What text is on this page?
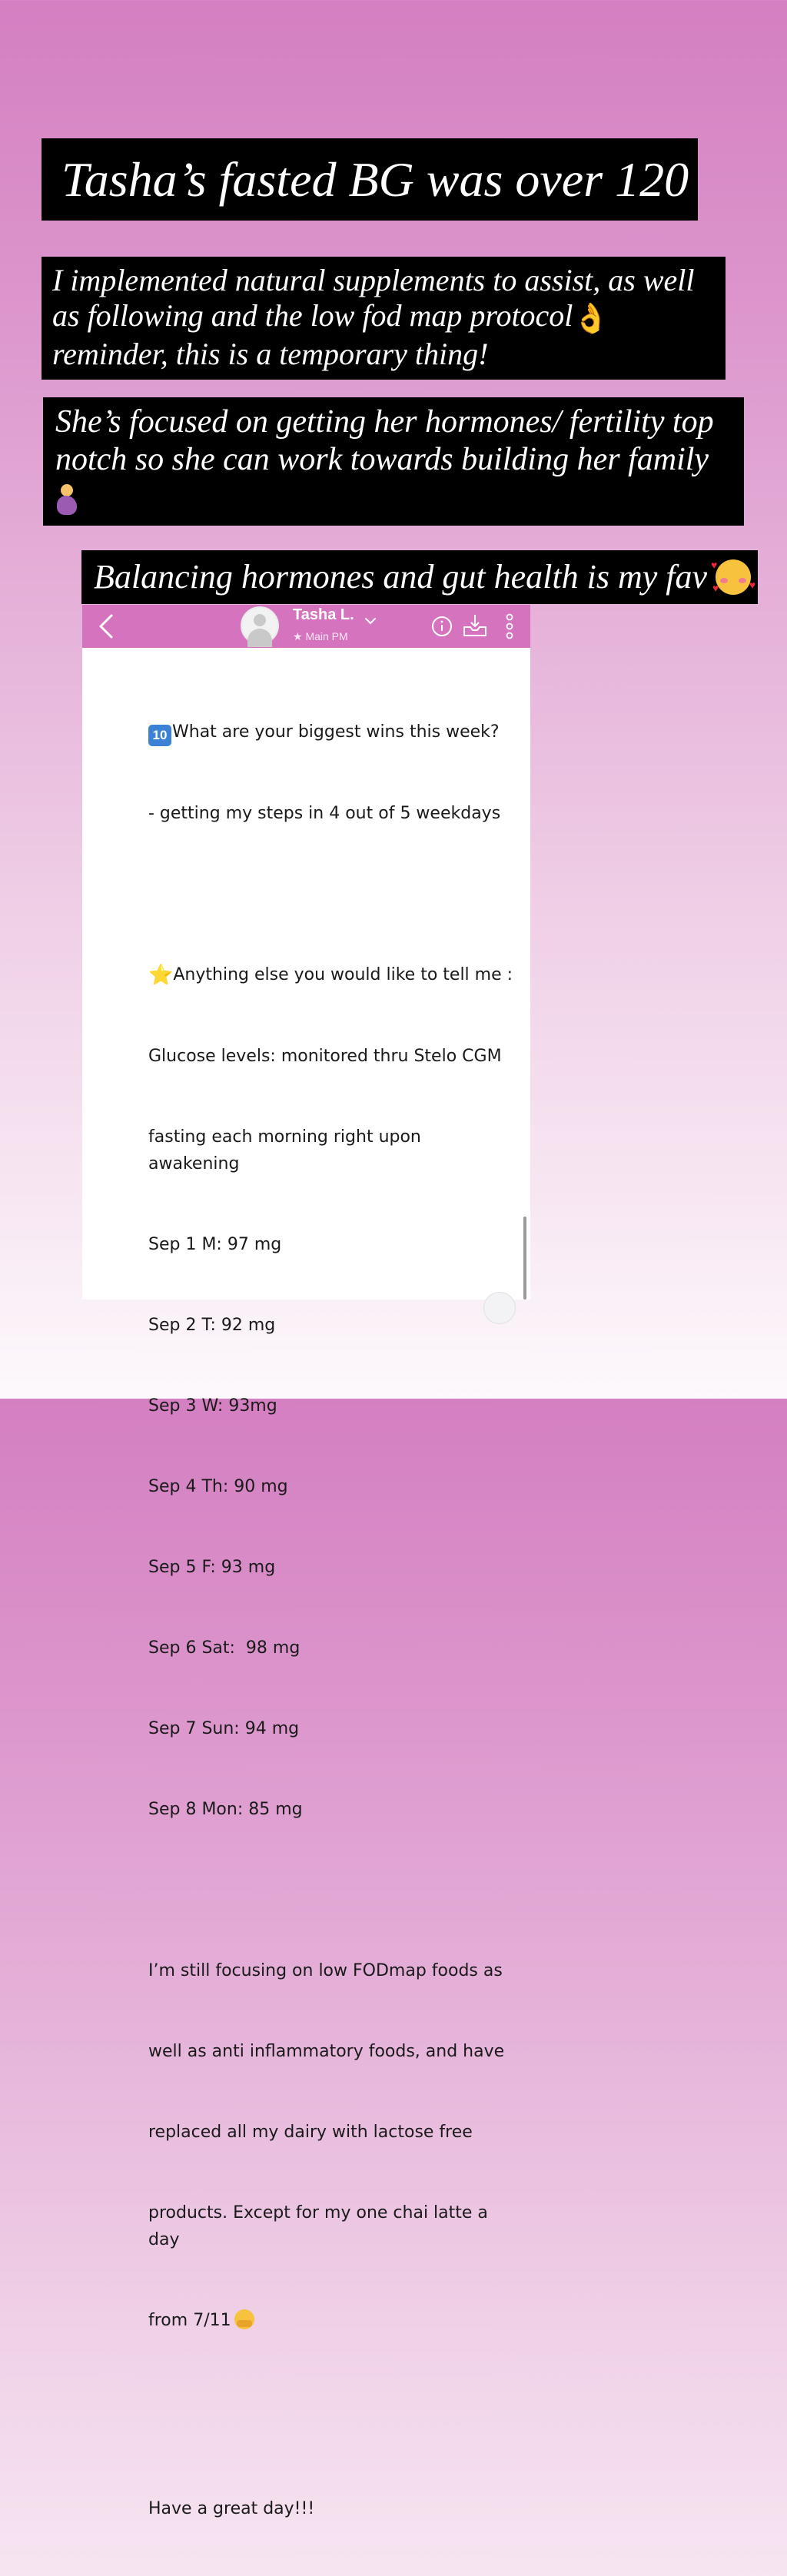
Tasha’s fasted BG was over 120
I implemented natural supplements to assist, as well as following and the low fod map protocol👌 reminder, this is a temporary thing!
She’s focused on getting her hormones/ fertility top notch so she can work towards building her family
Balancing hormones and gut health is my fav ♥
♥
♥
Tasha L.
★ Main PM

10 What are your biggest wins this week?

- getting my steps in 4 out of 5 weekdays

⭐Anything else you would like to tell me :

Glucose levels: monitored thru Stelo CGM

fasting each morning right upon awakening

Sep 1 M: 97 mg

Sep 2 T: 92 mg

Sep 3 W: 93mg

Sep 4 Th: 90 mg

Sep 5 F: 93 mg

Sep 6 Sat:  98 mg

Sep 7 Sun: 94 mg

Sep 8 Mon: 85 mg

I’m still focusing on low FODmap foods as

well as anti inflammatory foods, and have

replaced all my dairy with lactose free

products. Except for my one chai latte a day

from 7/11

Have a great day!!!
